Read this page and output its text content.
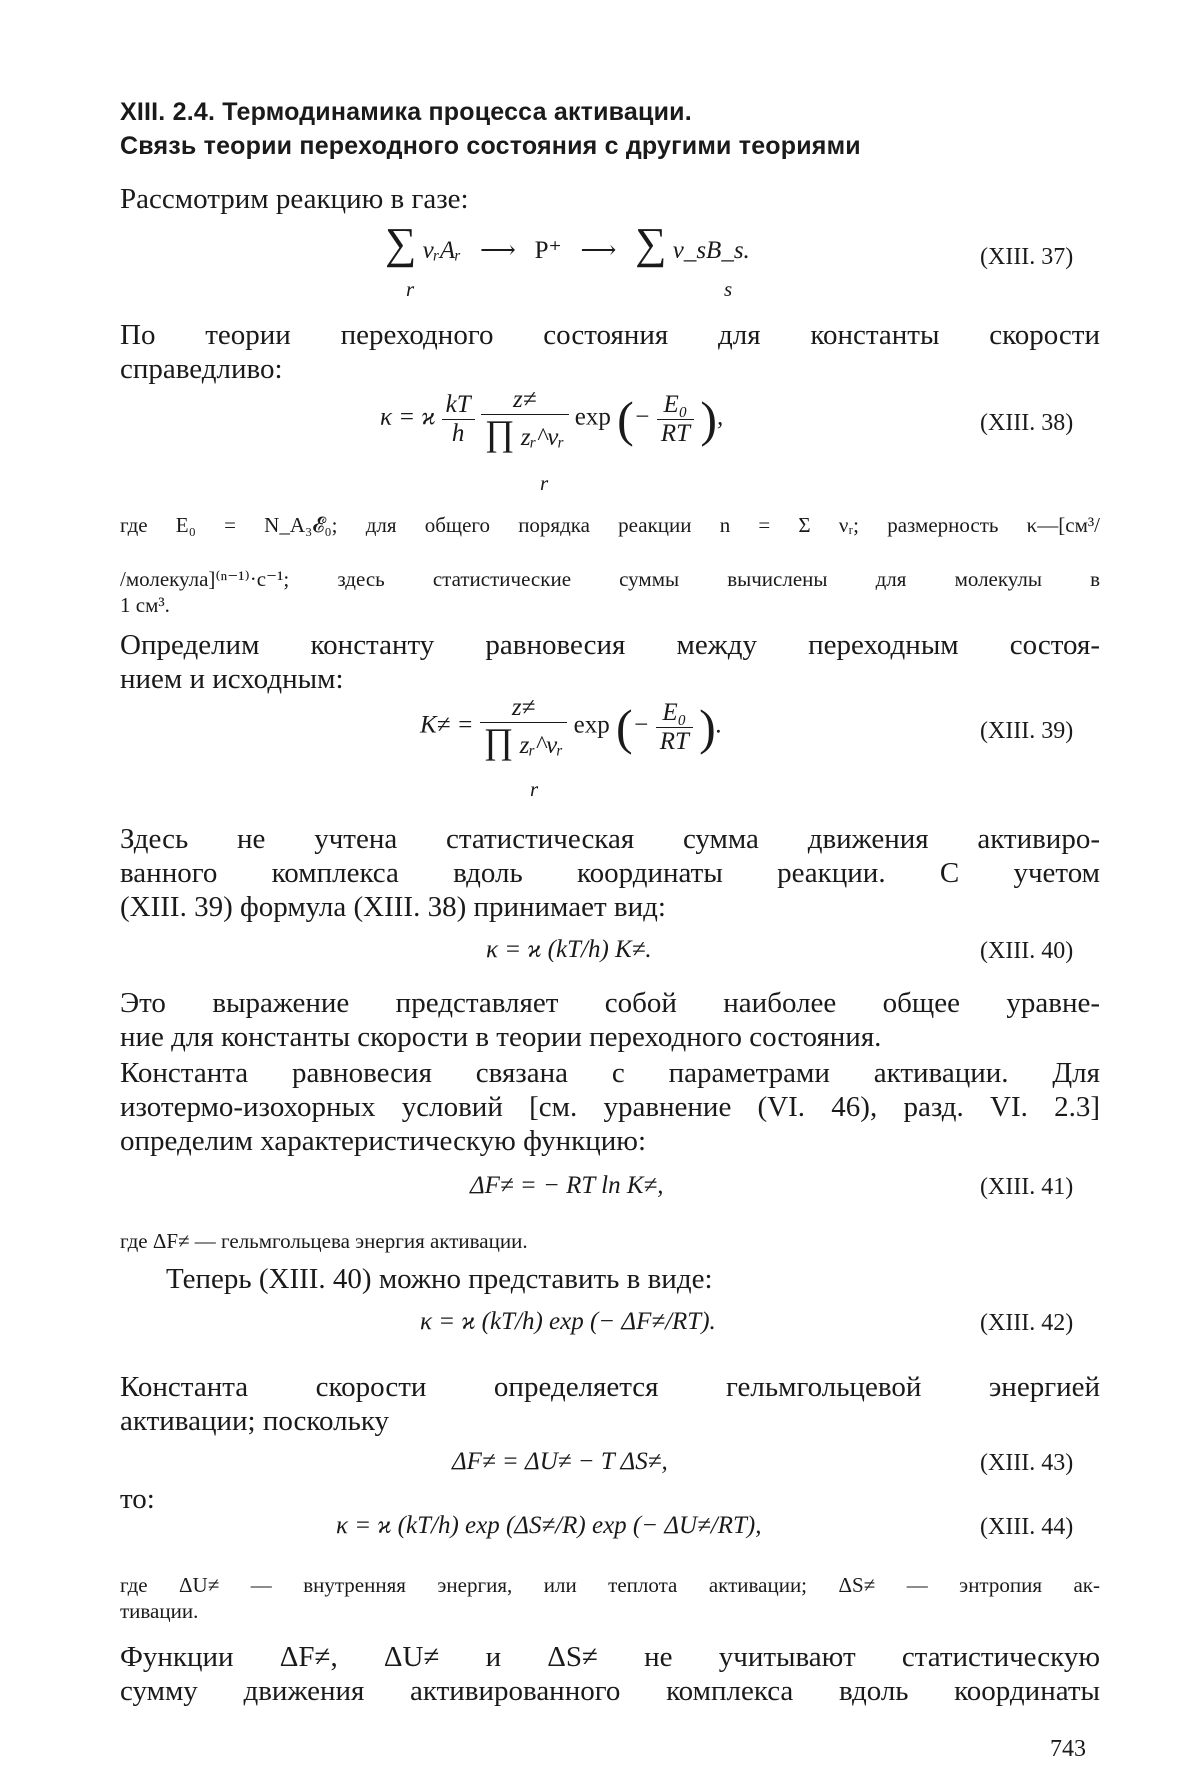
XIII. 2.4. Термодинамика процесса активации.
Связь теории переходного состояния с другими теориями
Рассмотрим реакцию в газе:
∑ νᵣAᵣ   ⟶   P⁺   ⟶   ∑ ν_sB_s.
r	s
(XIII. 37)
По теории переходного состояния для константы скорости
справедливо:
κ = ϰ $\frac{kT}{h}$
$\frac{z\ne}{\text{∏ zᵣ\textasciicircum{}νᵣ}}$ exp (− $\frac{\text{E₀}}{RT}$ ),
r
(XIII. 38)
где E₀ = N_A₃𝓔₀; для общего порядка реакции n = Σ νᵣ; размерность κ—[см³/
/молекула]⁽ⁿ⁻¹⁾·c⁻¹; здесь статистические суммы вычислены для молекулы в
1 см³.
Определим константу равновесия между переходным состоя-
нием и исходным:
$K\ne = \frac{z\ne}{\text{∏ zᵣ\textasciicircum{}νᵣ}}$ exp (− $\frac{\text{E₀}}{RT}$ ).
r
(XIII. 39)
Здесь не учтена статистическая сумма движения активиро-
ванного комплекса вдоль координаты реакции. С учетом
(XIII. 39) формула (XIII. 38) принимает вид:
κ = ϰ (kT/h) K≠.	(XIII. 40)
Это выражение представляет собой наиболее общее уравне-
ние для константы скорости в теории переходного состояния.
Константа равновесия связана с параметрами активации. Для
изотермо-изохорных условий [см. уравнение (VI. 46), разд. VI. 2.3]
определим характеристическую функцию:
ΔF≠ = − RT ln K≠,	(XIII. 41)
где ΔF≠ — гельмгольцева энергия активации.
Теперь (XIII. 40) можно представить в виде:
κ = ϰ (kT/h) exp (− ΔF≠/RT).	(XIII. 42)
Константа скорости определяется гельмгольцевой энергией
активации; поскольку
ΔF≠ = ΔU≠ − T ΔS≠,	(XIII. 43)
то:
κ = ϰ (kT/h) exp (ΔS≠/R) exp (− ΔU≠/RT),	(XIII. 44)
где ΔU≠ — внутренняя энергия, или теплота активации; ΔS≠ — энтропия ак-
тивации.
Функции ΔF≠, ΔU≠ и ΔS≠ не учитывают статистическую
сумму движения активированного комплекса вдоль координаты
743
